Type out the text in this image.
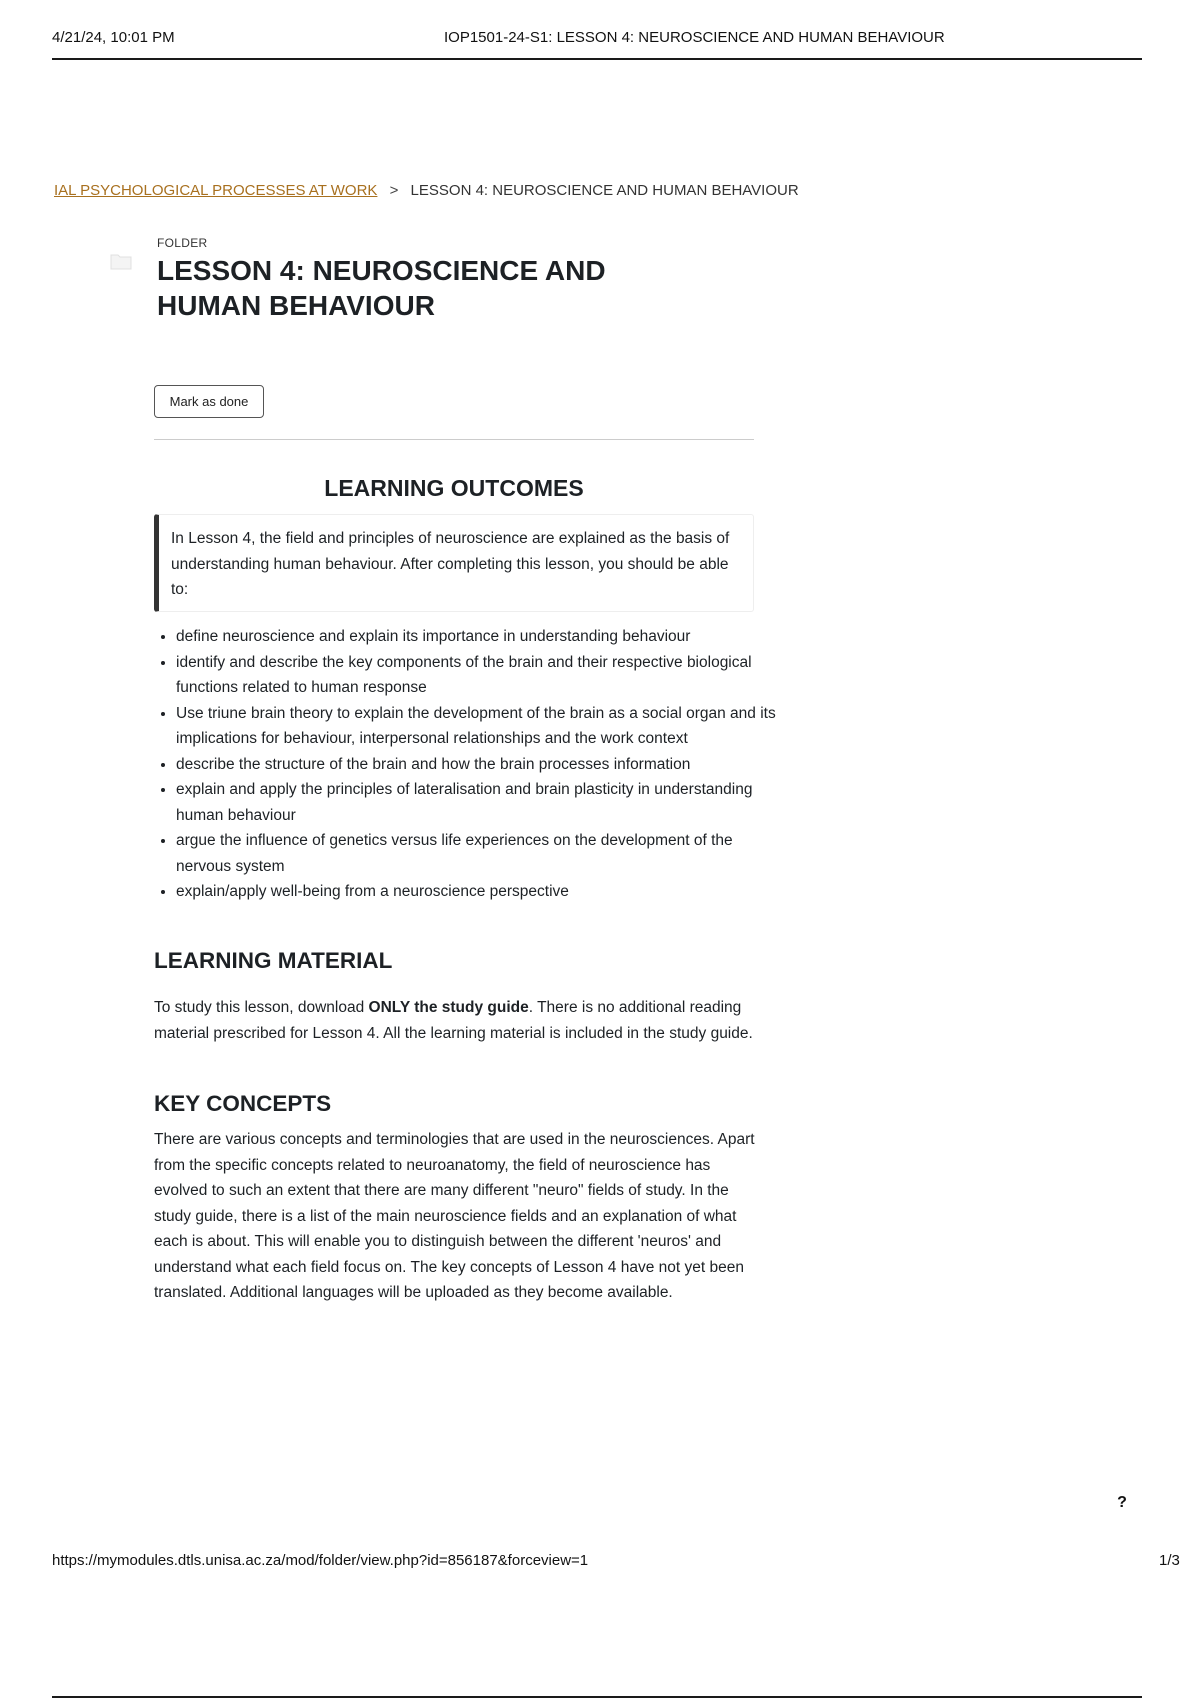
4/21/24, 10:01 PM	IOP1501-24-S1: LESSON 4: NEUROSCIENCE AND HUMAN BEHAVIOUR
IAL PSYCHOLOGICAL PROCESSES AT WORK > LESSON 4: NEUROSCIENCE AND HUMAN BEHAVIOUR
FOLDER
LESSON 4: NEUROSCIENCE AND HUMAN BEHAVIOUR
Mark as done
LEARNING OUTCOMES
In Lesson 4, the field and principles of neuroscience are explained as the basis of understanding human behaviour. After completing this lesson, you should be able to:
• define neuroscience and explain its importance in understanding behaviour
• identify and describe the key components of the brain and their respective biological functions related to human response
• Use triune brain theory to explain the development of the brain as a social organ and its implications for behaviour, interpersonal relationships and the work context
• describe the structure of the brain and how the brain processes information
• explain and apply the principles of lateralisation and brain plasticity in understanding human behaviour
• argue the influence of genetics versus life experiences on the development of the nervous system
• explain/apply well-being from a neuroscience perspective
LEARNING MATERIAL

To study this lesson, download ONLY the study guide. There is no additional reading material prescribed for Lesson 4. All the learning material is included in the study guide.

KEY CONCEPTS

There are various concepts and terminologies that are used in the neurosciences. Apart from the specific concepts related to neuroanatomy, the field of neuroscience has evolved to such an extent that there are many different "neuro" fields of study. In the study guide, there is a list of the main neuroscience fields and an explanation of what each is about. This will enable you to distinguish between the different 'neuros' and understand what each field focus on. The key concepts of Lesson 4 have not yet been translated. Additional languages will be uploaded as they become available.

?
https://mymodules.dtls.unisa.ac.za/mod/folder/view.php?id=856187&forceview=1	1/3
